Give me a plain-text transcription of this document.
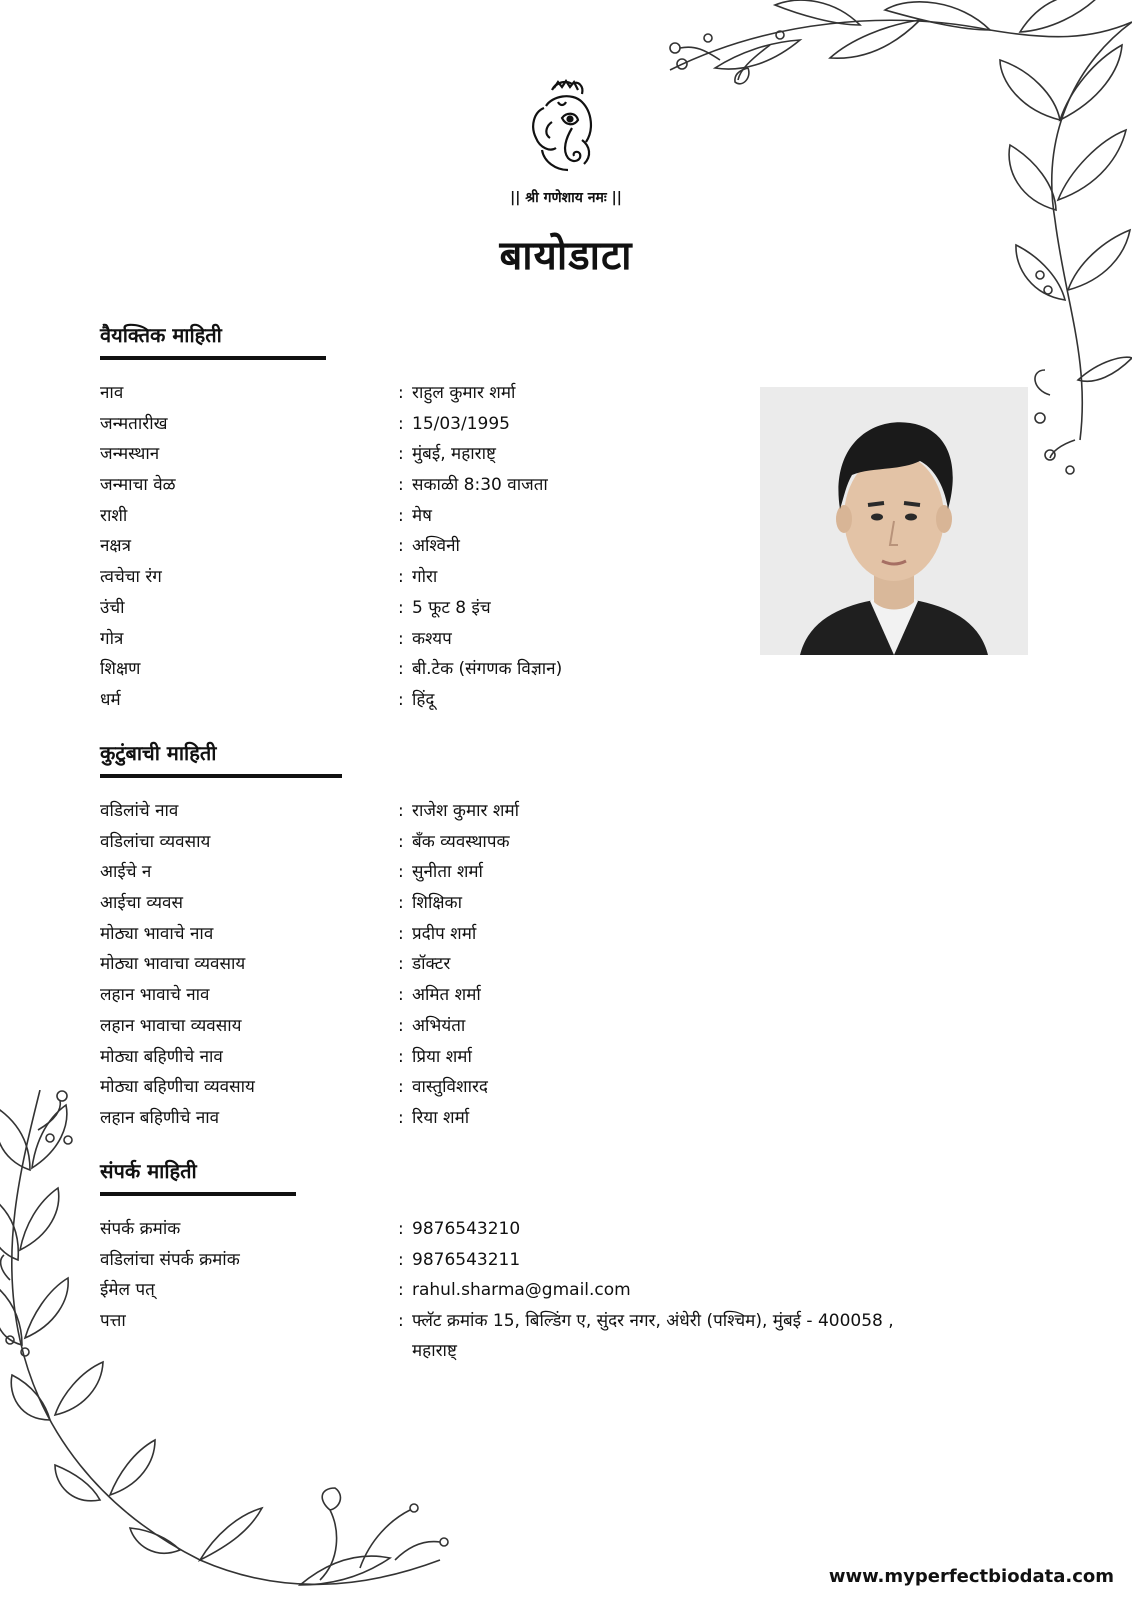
|| श्री गणेशाय नमः ||
बायोडाटा
वैयक्तिक माहिती
नाव	: राहुल कुमार शर्मा
जन्मतारीख	: 15/03/1995
जन्मस्थान	: मुंबई, महाराष्ट्
जन्माचा वेळ	: सकाळी 8:30 वाजता
राशी	: मेष
नक्षत्र	: अश्विनी
त्वचेचा रंग	: गोरा
उंची	: 5 फूट 8 इंच
गोत्र	: कश्यप
शिक्षण	: बी.टेक (संगणक विज्ञान)
धर्म	: हिंदू
कुटुंबाची माहिती
वडिलांचे नाव	: राजेश कुमार शर्मा
वडिलांचा व्यवसाय	: बँक व्यवस्थापक
आईचे न	: सुनीता शर्मा
आईचा व्यवस	: शिक्षिका
मोठ्या भावाचे नाव	: प्रदीप शर्मा
मोठ्या भावाचा व्यवसाय	: डॉक्टर
लहान भावाचे नाव	: अमित शर्मा
लहान भावाचा व्यवसाय	: अभियंता
मोठ्या बहिणीचे नाव	: प्रिया शर्मा
मोठ्या बहिणीचा व्यवसाय	: वास्तुविशारद
लहान बहिणीचे नाव	: रिया शर्मा
संपर्क माहिती
संपर्क क्रमांक	: 9876543210
वडिलांचा संपर्क क्रमांक	: 9876543211
ईमेल पत्	: rahul.sharma@gmail.com
पत्ता	: फ्लॅट क्रमांक 15, बिल्डिंग ए, सुंदर नगर, अंधेरी (पश्चिम), मुंबई - 400058 , महाराष्ट्
www.myperfectbiodata.com
